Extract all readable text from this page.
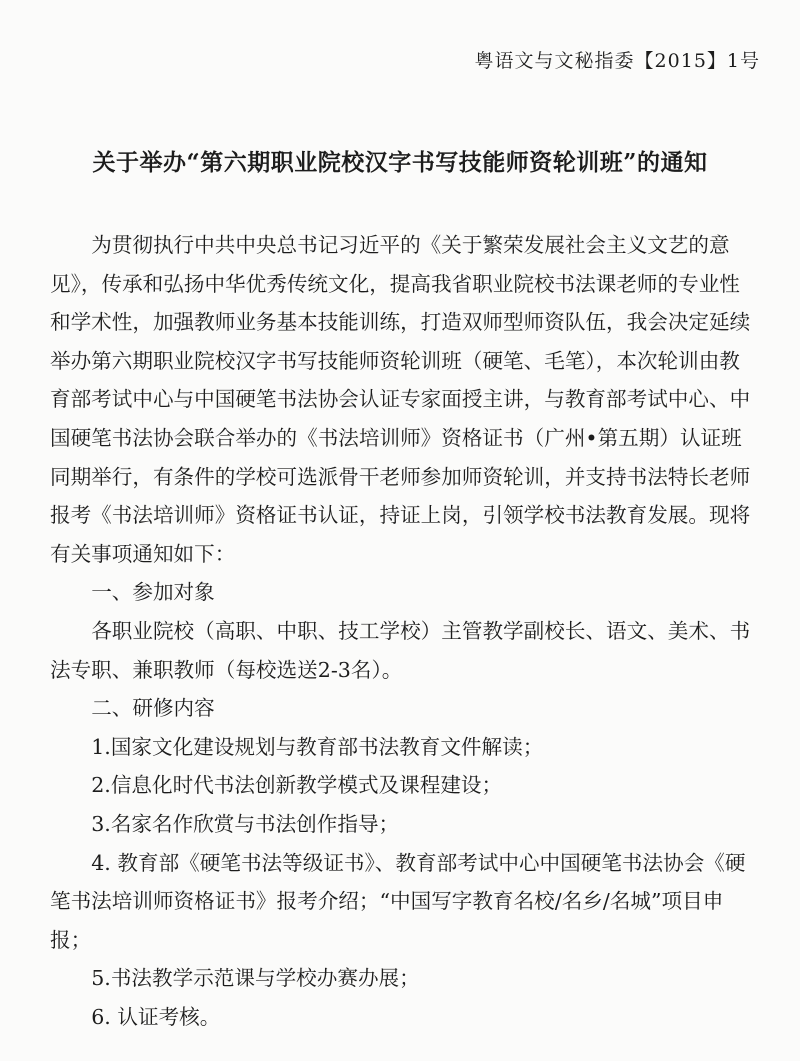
粤语文与文秘指委【2015】1号
关于举办“第六期职业院校汉字书写技能师资轮训班”的通知

为贯彻执行中共中央总书记习近平的《关于繁荣发展社会主义文艺的意见》，传承和弘扬中华优秀传统文化，提高我省职业院校书法课老师的专业性和学术性，加强教师业务基本技能训练，打造双师型师资队伍，我会决定延续举办第六期职业院校汉字书写技能师资轮训班（硬笔、毛笔），本次轮训由教育部考试中心与中国硬笔书法协会认证专家面授主讲，与教育部考试中心、中国硬笔书法协会联合举办的《书法培训师》资格证书（广州•第五期）认证班同期举行，有条件的学校可选派骨干老师参加师资轮训，并支持书法特长老师报考《书法培训师》资格证书认证，持证上岗，引领学校书法教育发展。现将有关事项通知如下：

一、参加对象

各职业院校（高职、中职、技工学校）主管教学副校长、语文、美术、书法专职、兼职教师（每校选送2-3名）。

二、研修内容

1.国家文化建设规划与教育部书法教育文件解读；

2.信息化时代书法创新教学模式及课程建设；

3.名家名作欣赏与书法创作指导；

4. 教育部《硬笔书法等级证书》、教育部考试中心中国硬笔书法协会《硬笔书法培训师资格证书》报考介绍；“中国写字教育名校/名乡/名城”项目申报；

5.书法教学示范课与学校办赛办展；

6. 认证考核。
